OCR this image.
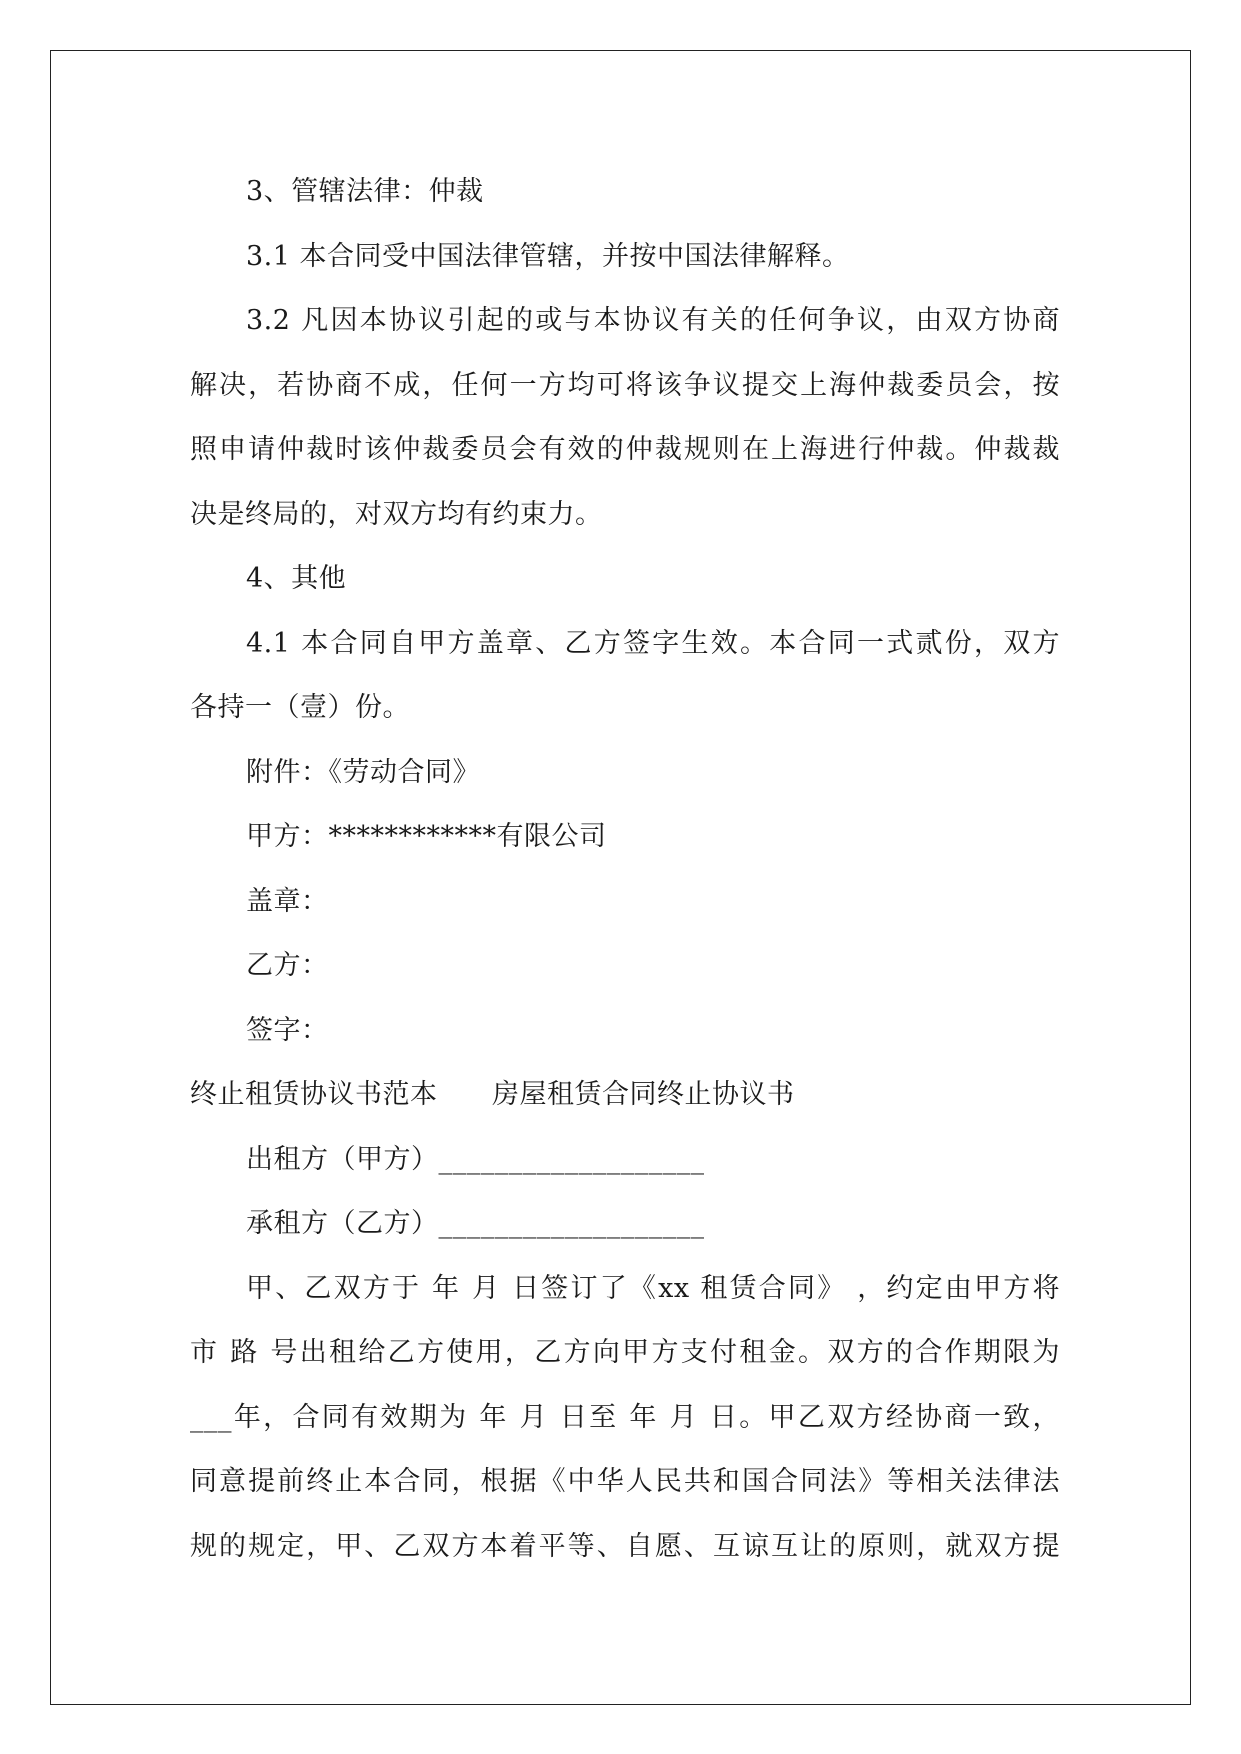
3、管辖法律：仲裁
3.1 本合同受中国法律管辖，并按中国法律解释。
3.2 凡因本协议引起的或与本协议有关的任何争议，由双方协商
解决，若协商不成，任何一方均可将该争议提交上海仲裁委员会，按
照申请仲裁时该仲裁委员会有效的仲裁规则在上海进行仲裁。仲裁裁
决是终局的，对双方均有约束力。
4、其他
4.1 本合同自甲方盖章、乙方签字生效。本合同一式贰份，双方
各持一（壹）份。
附件：《劳动合同》
甲方：************有限公司
盖章：
乙方：
签字：
终止租赁协议书范本      房屋租赁合同终止协议书
出租方（甲方）___________________
承租方（乙方）___________________
甲、乙双方于 年 月 日签订了《xx 租赁合同》 ，约定由甲方将
市 路 号出租给乙方使用，乙方向甲方支付租金。双方的合作期限为
___年，合同有效期为 年 月 日至 年 月 日。甲乙双方经协商一致，
同意提前终止本合同，根据《中华人民共和国合同法》等相关法律法
规的规定，甲、乙双方本着平等、自愿、互谅互让的原则，就双方提
